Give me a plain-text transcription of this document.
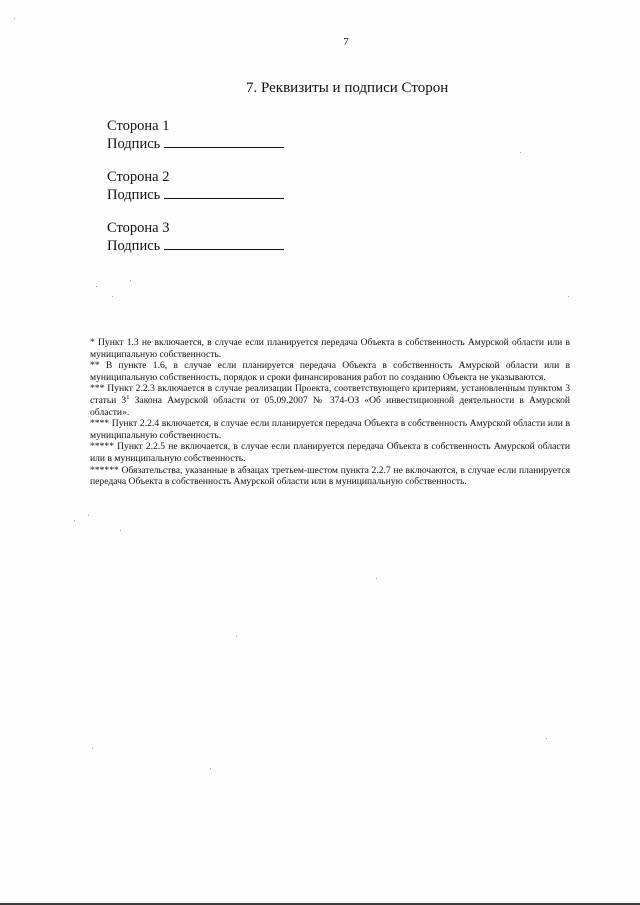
7
7. Реквизиты и подписи Сторон
Сторона 1
Подпись
Сторона 2
Подпись
Сторона 3
Подпись

* Пункт 1.3 не включается, в случае если планируется передача Объекта в собственность Амурской области или в муниципальную собственность.

** В пункте 1.6, в случае если планируется передача Объекта в собственность Амурской области или в муниципальную собственность, порядок и сроки финансирования работ по созданию Объекта не указываются.

*** Пункт 2.2.3 включается в случае реализации Проекта, соответствующего критериям, установленным пунктом 3 статьи $3^1$ Закона Амурской области от 05.09.2007 № 374-ОЗ «Об инвестиционной деятельности в Амурской области».

**** Пункт 2.2.4 включается, в случае если планируется передача Объекта в собственность Амурской области или в муниципальную собственность.

***** Пункт 2.2.5 не включается, в случае если планируется передача Объекта в собственность Амурской области или в муниципальную собственность.

****** Обязательства, указанные в абзацах третьем-шестом пункта 2.2.7 не включаются, в случае если планируется передача Объекта в собственность Амурской области или в муниципальную собственность.
